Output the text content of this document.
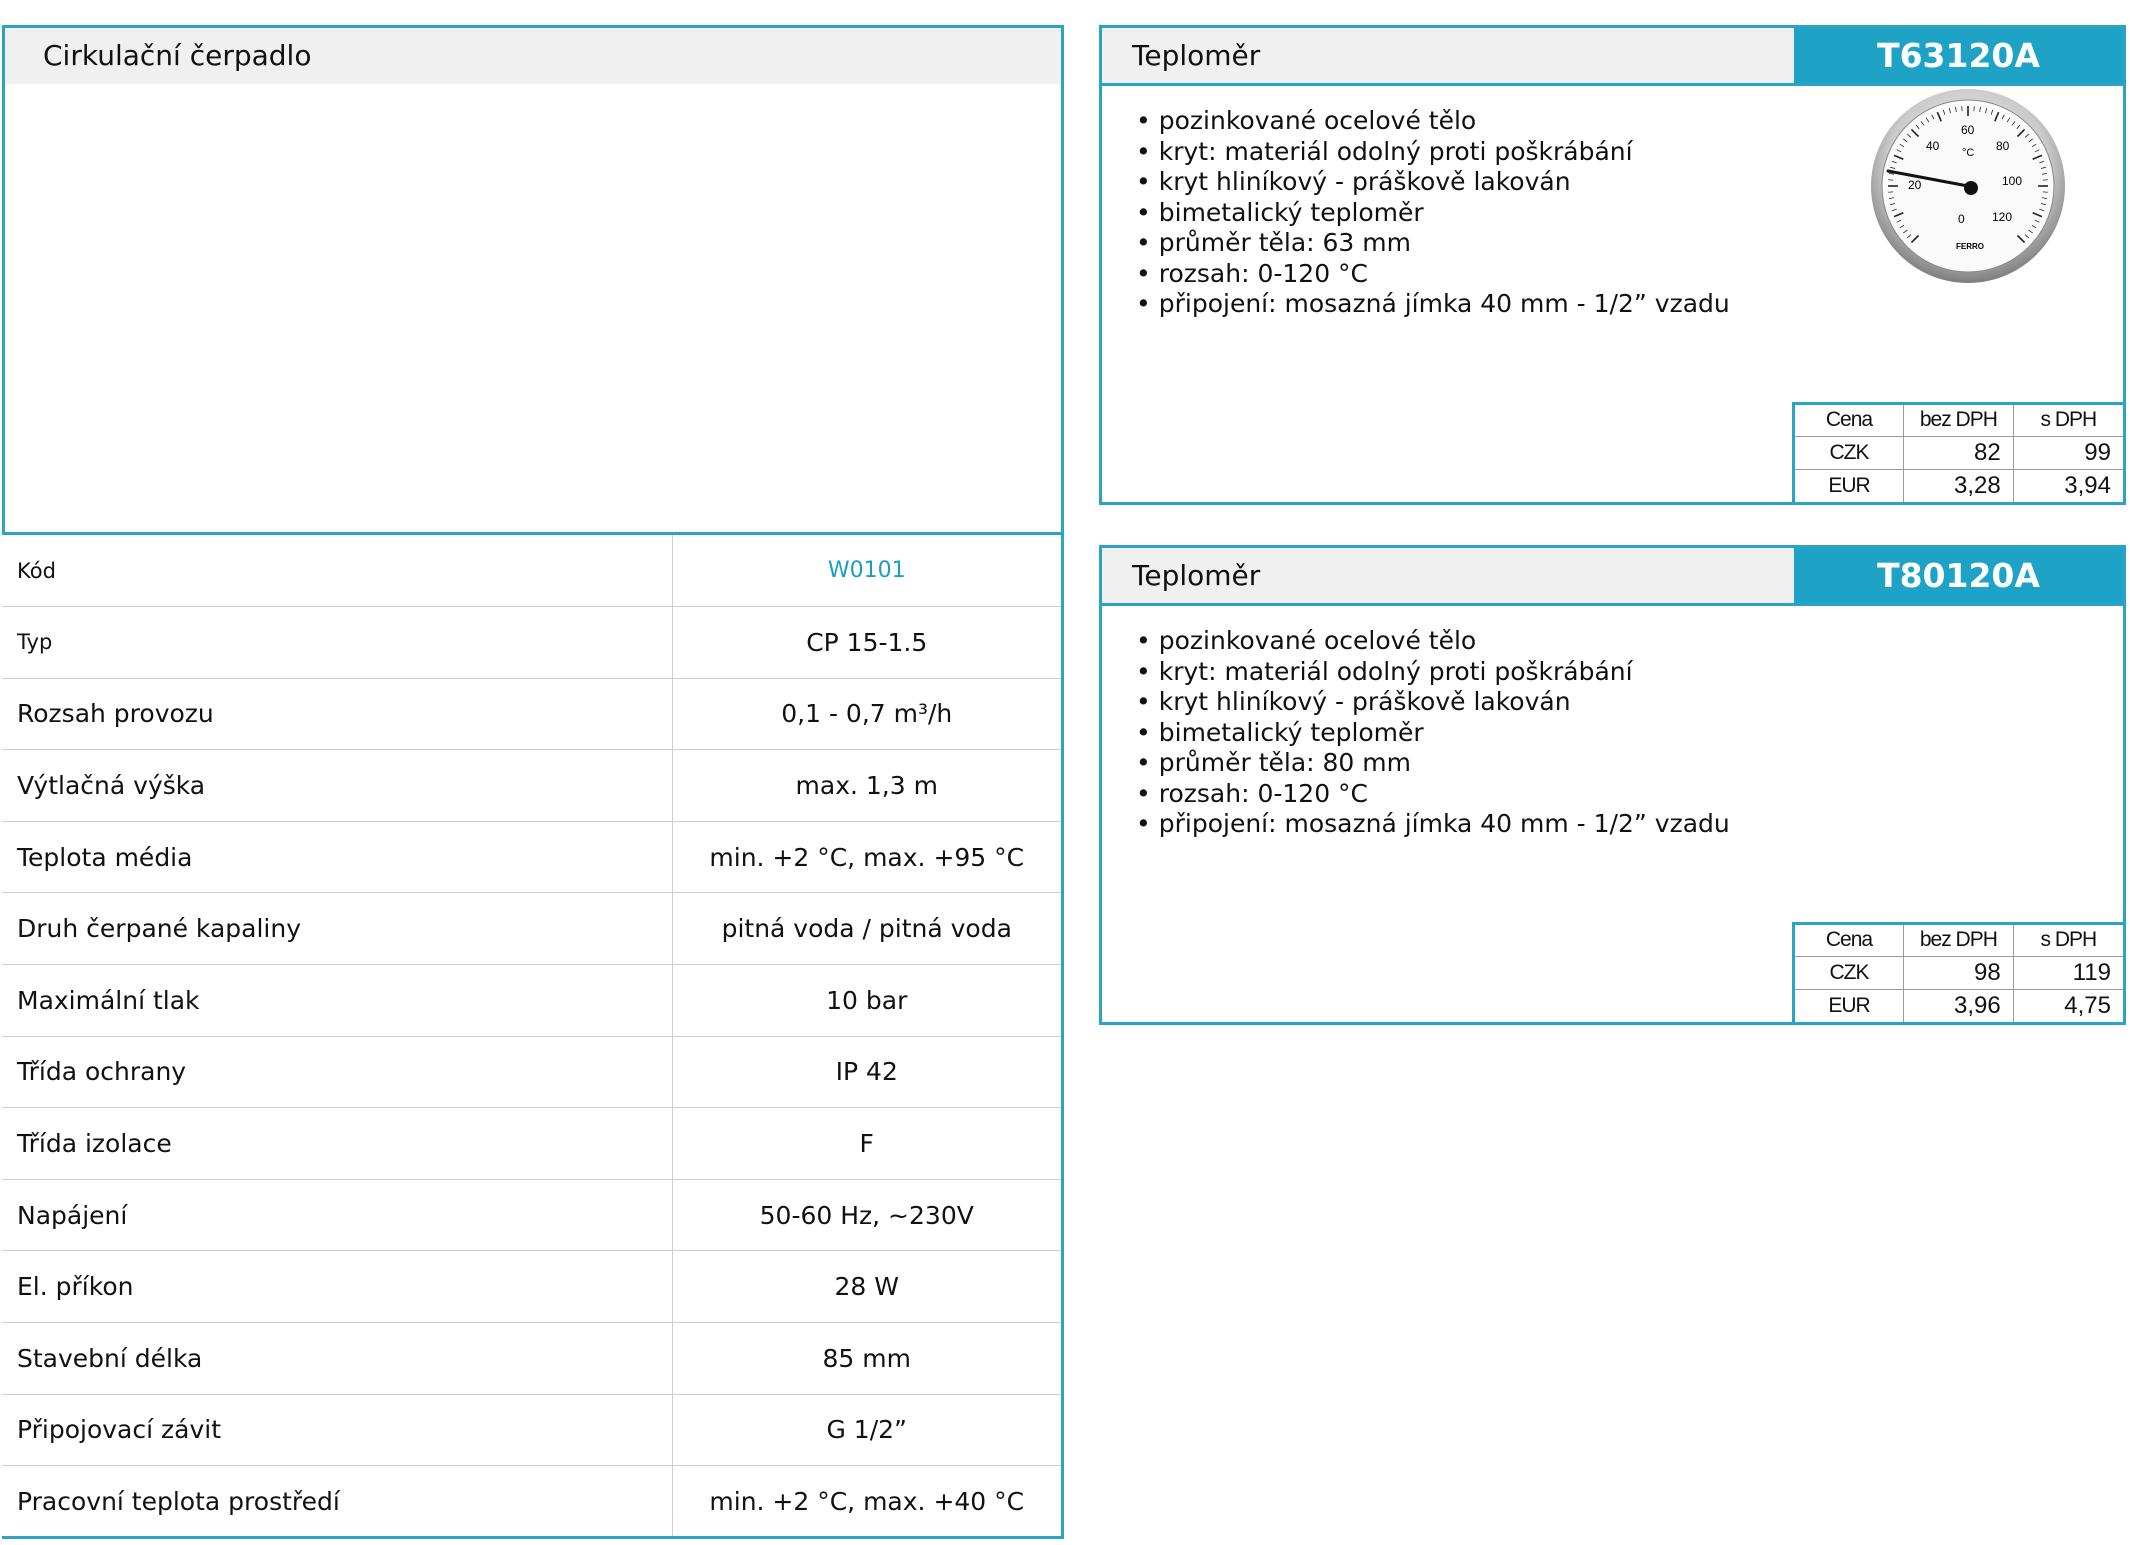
Cirkulační čerpadlo
Kód	W0101
Typ	CP 15-1.5
Rozsah provozu	0,1 - 0,7 m³/h
Výtlačná výška	max. 1,3 m
Teplota média	min. +2 °C, max. +95 °C
Druh čerpané kapaliny	pitná voda / pitná voda
Maximální tlak	10 bar
Třída ochrany	IP 42
Třída izolace	F
Napájení	50-60 Hz, ~230V
El. příkon	28 W
Stavební délka	85 mm
Připojovací závit	G 1/2”
Pracovní teplota prostředí	min. +2 °C, max. +40 °C
Teploměr	T63120A
• pozinkované ocelové tělo
• kryt: materiál odolný proti poškrábání
• kryt hliníkový - práškově lakován
• bimetalický teploměr
• průměr těla: 63 mm
• rozsah: 0-120 °C
• připojení: mosazná jímka 40 mm - 1/2” vzadu
0
20
40
60
°C 80
100
120
FERRO
Cena	bez DPH	s DPH
CZK	82	99
EUR	3,28	3,94
Teploměr	T80120A
• pozinkované ocelové tělo
• kryt: materiál odolný proti poškrábání
• kryt hliníkový - práškově lakován
• bimetalický teploměr
• průměr těla: 80 mm
• rozsah: 0-120 °C
• připojení: mosazná jímka 40 mm - 1/2” vzadu
Cena	bez DPH	s DPH
CZK	98	119
EUR	3,96	4,75
